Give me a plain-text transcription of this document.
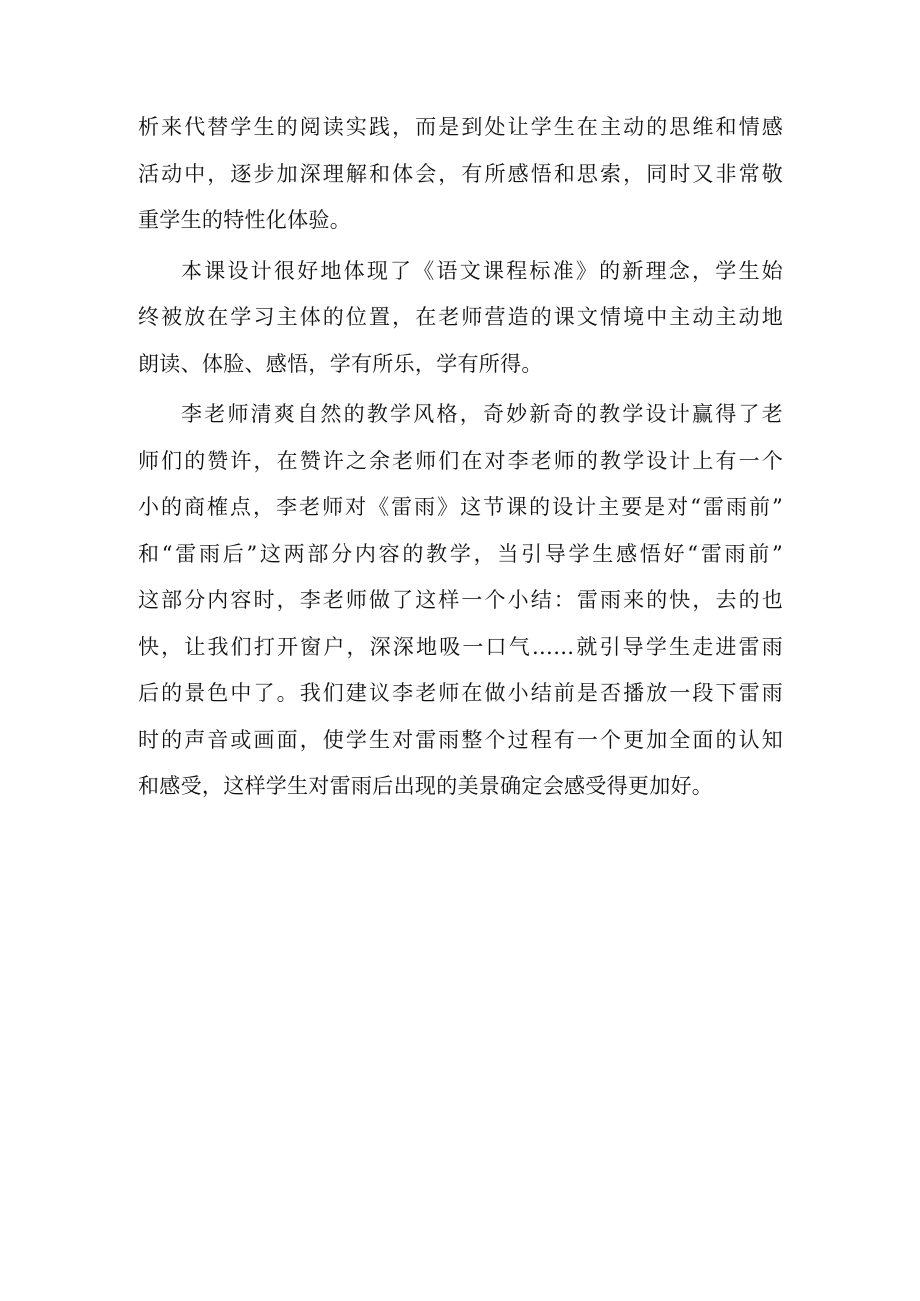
析来代替学生的阅读实践，而是到处让学生在主动的思维和情感
活动中，逐步加深理解和体会，有所感悟和思索，同时又非常敬
重学生的特性化体验。
本课设计很好地体现了《语文课程标准》的新理念，学生始
终被放在学习主体的位置，在老师营造的课文情境中主动主动地
朗读、体脸、感悟，学有所乐，学有所得。
李老师清爽自然的教学风格，奇妙新奇的教学设计赢得了老
师们的赞许，在赞许之余老师们在对李老师的教学设计上有一个
小的商榷点，李老师对《雷雨》这节课的设计主要是对“雷雨前”
和“雷雨后”这两部分内容的教学，当引导学生感悟好“雷雨前”
这部分内容时，李老师做了这样一个小结：雷雨来的快，去的也
快，让我们打开窗户，深深地吸一口气……就引导学生走进雷雨
后的景色中了。我们建议李老师在做小结前是否播放一段下雷雨
时的声音或画面，使学生对雷雨整个过程有一个更加全面的认知
和感受，这样学生对雷雨后出现的美景确定会感受得更加好。
